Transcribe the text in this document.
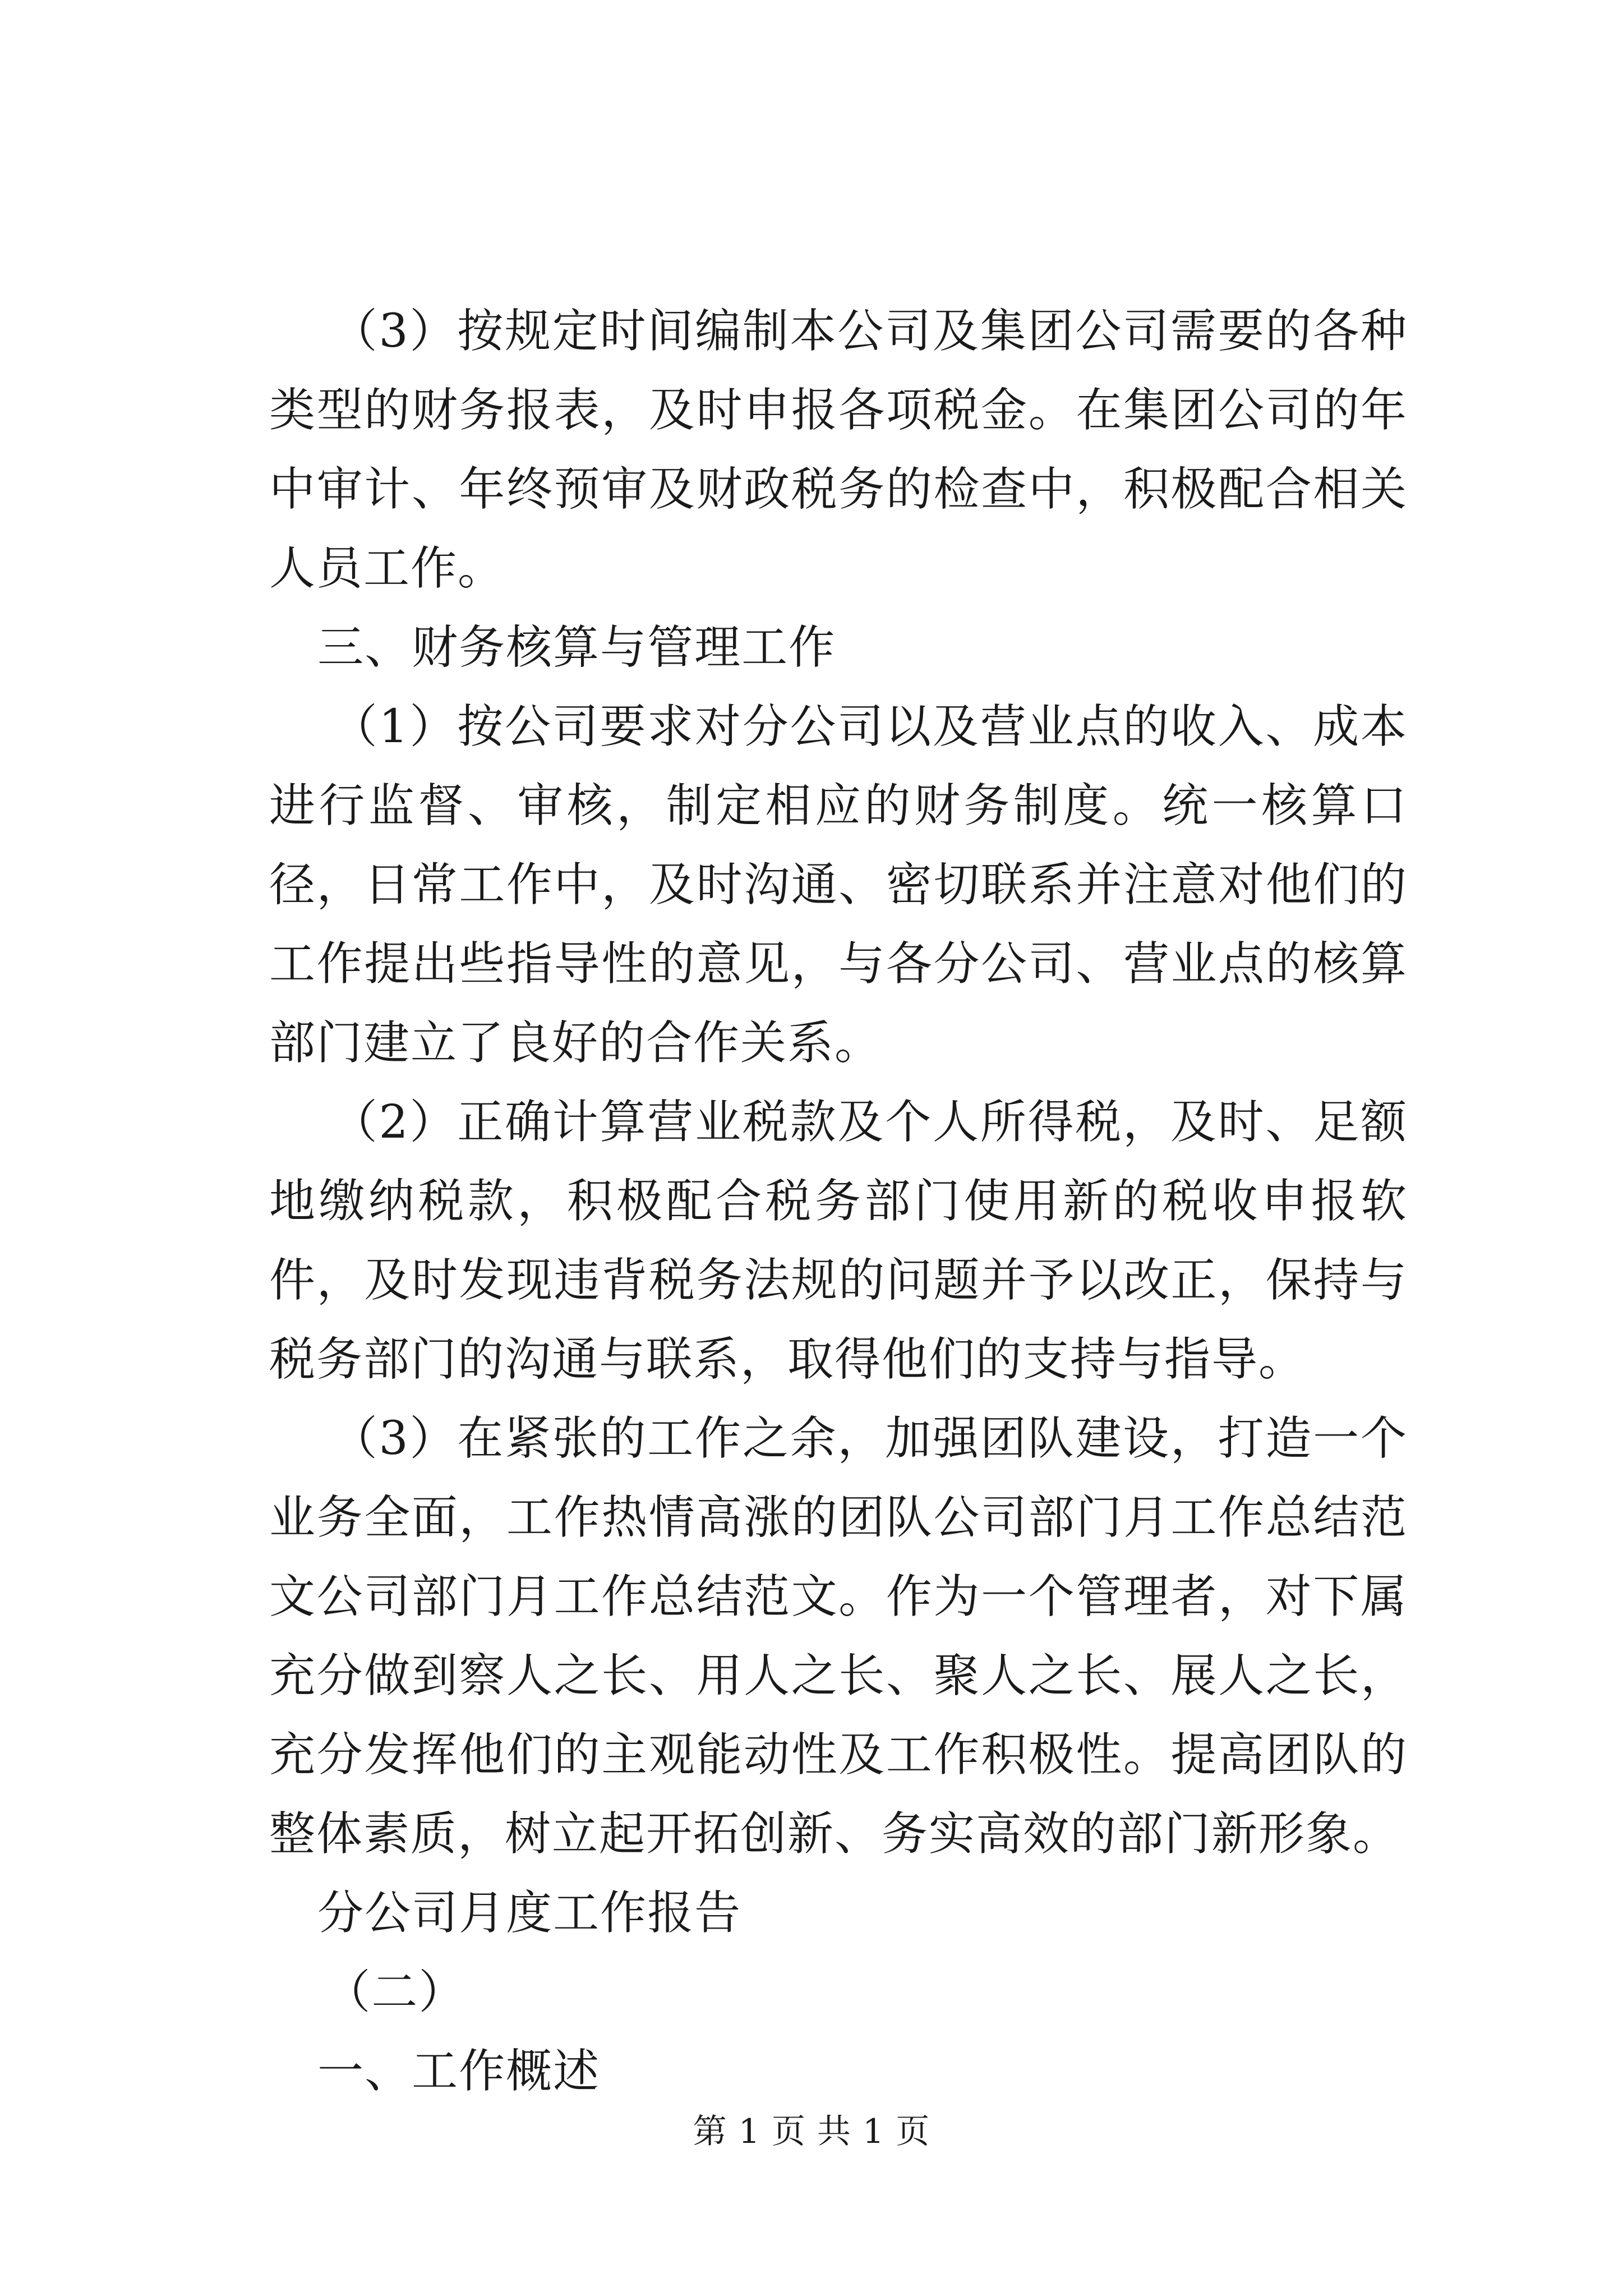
（3）按规定时间编制本公司及集团公司需要的各种类型的财务报表，及时申报各项税金。在集团公司的年中审计、年终预审及财政税务的检查中，积极配合相关人员工作。

三、财务核算与管理工作

（1）按公司要求对分公司以及营业点的收入、成本进行监督、审核，制定相应的财务制度。统一核算口径，日常工作中，及时沟通、密切联系并注意对他们的工作提出些指导性的意见，与各分公司、营业点的核算部门建立了良好的合作关系。

（2）正确计算营业税款及个人所得税，及时、足额地缴纳税款，积极配合税务部门使用新的税收申报软件，及时发现违背税务法规的问题并予以改正，保持与税务部门的沟通与联系，取得他们的支持与指导。

（3）在紧张的工作之余，加强团队建设，打造一个业务全面，工作热情高涨的团队公司部门月工作总结范文公司部门月工作总结范文。作为一个管理者，对下属充分做到察人之长、用人之长、聚人之长、展人之长，充分发挥他们的主观能动性及工作积极性。提高团队的整体素质，树立起开拓创新、务实高效的部门新形象。

分公司月度工作报告

（二）

一、工作概述

第 1 页 共 1 页
